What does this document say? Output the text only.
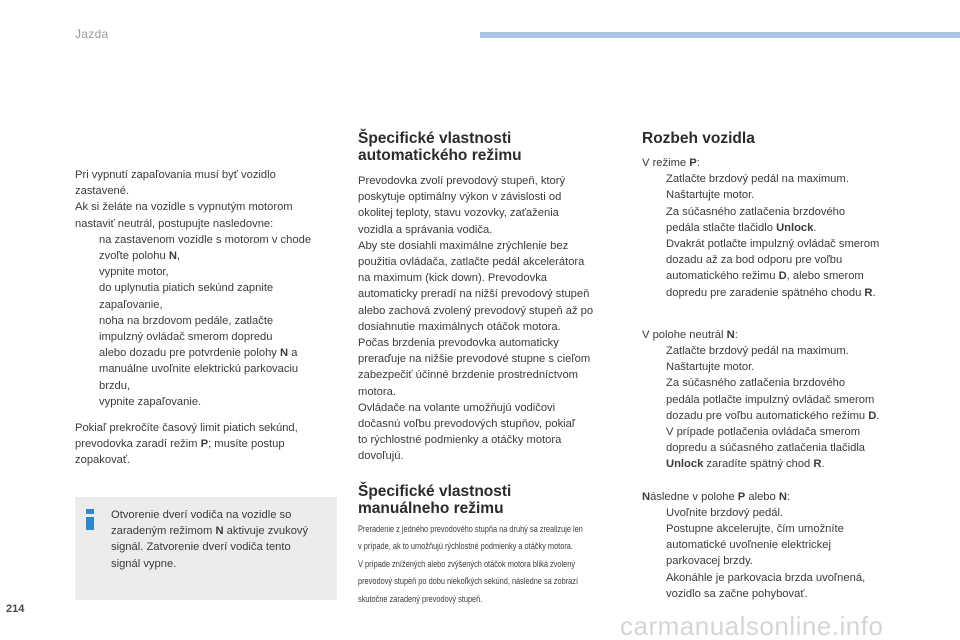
Jazda

Pri vypnutí zapaľovania musí byť vozidlo

zastavené.

Ak si želáte na vozidle s vypnutým motorom

nastaviť neutrál, postupujte nasledovne:

na zastavenom vozidle s motorom v chode

zvoľte polohu N,

vypnite motor,

do uplynutia piatich sekúnd zapnite

zapaľovanie,

noha na brzdovom pedále, zatlačte

impulzný ovládač smerom dopredu

alebo dozadu pre potvrdenie polohy N a

manuálne uvoľnite elektrickú parkovaciu

brzdu,

vypnite zapaľovanie.

Pokiaľ prekročíte časový limit piatich sekúnd,

prevodovka zaradí režim P; musíte postup

zopakovať.

Otvorenie dverí vodiča na vozidle so

zaradeným režimom N aktivuje zvukový

signál. Zatvorenie dverí vodiča tento

signál vypne.

Špecifické vlastnosti

automatického režimu

Prevodovka zvolí prevodový stupeň, ktorý

poskytuje optimálny výkon v závislosti od

okolitej teploty, stavu vozovky, zaťaženia

vozidla a správania vodiča.

Aby ste dosiahli maximálne zrýchlenie bez

použitia ovládača, zatlačte pedál akcelerátora

na maximum (kick down). Prevodovka

automaticky preradí na nižší prevodový stupeň

alebo zachová zvolený prevodový stupeň až po

dosiahnutie maximálnych otáčok motora.

Počas brzdenia prevodovka automaticky

preraďuje na nižšie prevodové stupne s cieľom

zabezpečiť účinné brzdenie prostredníctvom

motora.

Ovládače na volante umožňujú vodičovi

dočasnú voľbu prevodových stupňov, pokiaľ

to rýchlostné podmienky a otáčky motora

dovoľujú.

Špecifické vlastnosti

manuálneho režimu

Preradenie z jedného prevodového stupňa na druhý sa zrealizuje len

v prípade, ak to umožňujú rýchlostné podmienky a otáčky motora.

V prípade znížených alebo zvýšených otáčok motora bliká zvolený

prevodový stupeň po dobu niekoľkých sekúnd, následne sa zobrazí

skutočne zaradený prevodový stupeň.

Rozbeh vozidla

V režime P:

Zatlačte brzdový pedál na maximum.

Naštartujte motor.

Za súčasného zatlačenia brzdového

pedála stlačte tlačidlo Unlock.

Dvakrát potlačte impulzný ovládač smerom

dozadu až za bod odporu pre voľbu

automatického režimu D, alebo smerom

dopredu pre zaradenie spätného chodu R.

V polohe neutrál N:

Zatlačte brzdový pedál na maximum.

Naštartujte motor.

Za súčasného zatlačenia brzdového

pedála potlačte impulzný ovládač smerom

dozadu pre voľbu automatického režimu D.

V prípade potlačenia ovládača smerom

dopredu a súčasného zatlačenia tlačidla

Unlock zaradíte spätný chod R.

Následne v polohe P alebo N:

Uvoľnite brzdový pedál.

Postupne akcelerujte, čím umožníte

automatické uvoľnenie elektrickej

parkovacej brzdy.

Akonáhle je parkovacia brzda uvoľnená,

vozidlo sa začne pohybovať.

214
carmanualsonline.info
